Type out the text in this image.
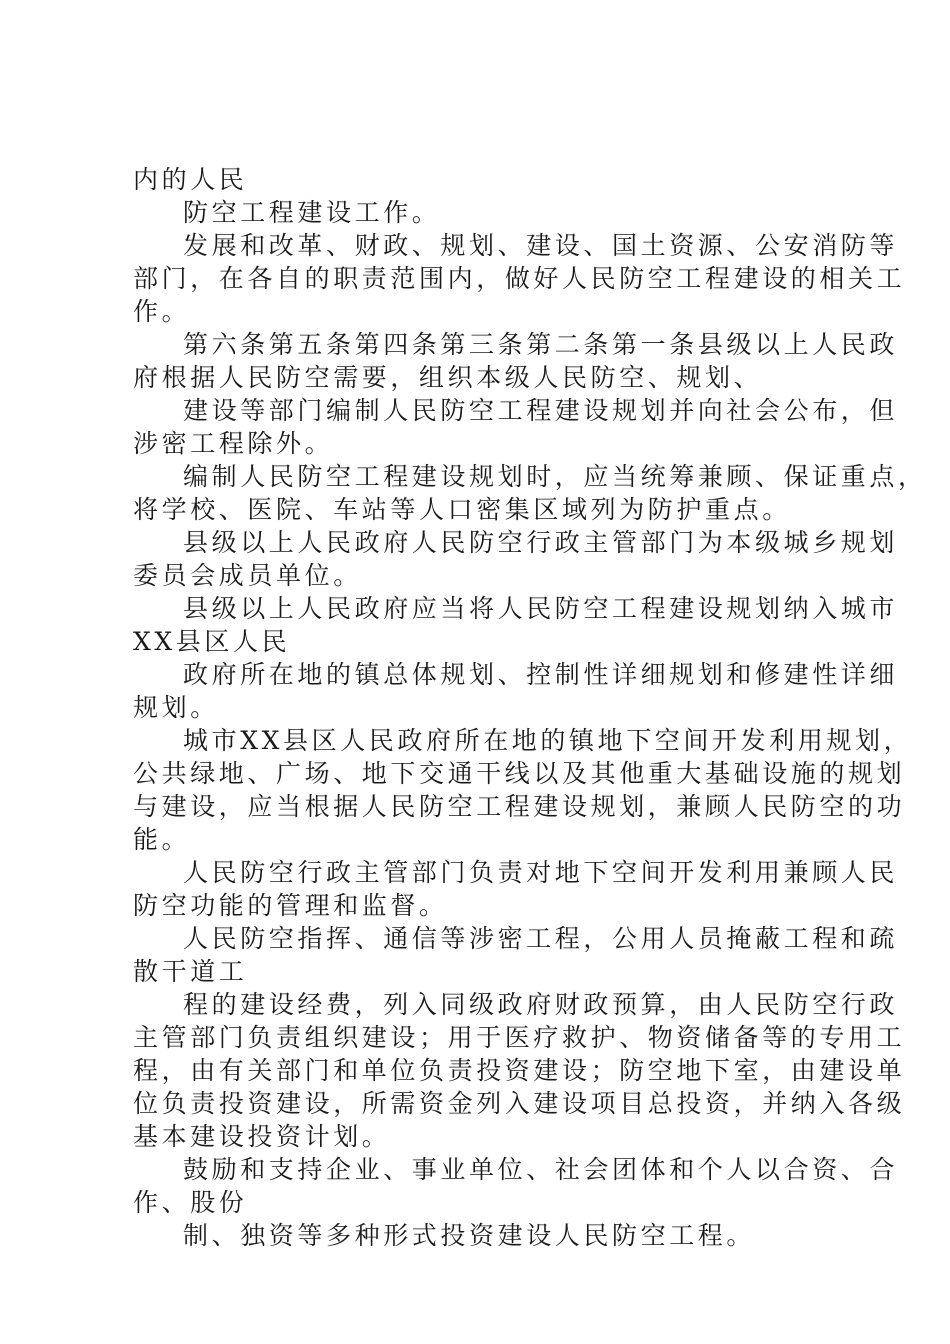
内的人民
防空工程建设工作。
发展和改革、财政、规划、建设、国土资源、公安消防等
部门，在各自的职责范围内，做好人民防空工程建设的相关工
作。
第六条第五条第四条第三条第二条第一条县级以上人民政
府根据人民防空需要，组织本级人民防空、规划、
建设等部门编制人民防空工程建设规划并向社会公布，但
涉密工程除外。
编制人民防空工程建设规划时，应当统筹兼顾、保证重点，
将学校、医院、车站等人口密集区域列为防护重点。
县级以上人民政府人民防空行政主管部门为本级城乡规划
委员会成员单位。
县级以上人民政府应当将人民防空工程建设规划纳入城市
XX县区人民
政府所在地的镇总体规划、控制性详细规划和修建性详细
规划。
城市XX县区人民政府所在地的镇地下空间开发利用规划，
公共绿地、广场、地下交通干线以及其他重大基础设施的规划
与建设，应当根据人民防空工程建设规划，兼顾人民防空的功
能。
人民防空行政主管部门负责对地下空间开发利用兼顾人民
防空功能的管理和监督。
人民防空指挥、通信等涉密工程，公用人员掩蔽工程和疏
散干道工
程的建设经费，列入同级政府财政预算，由人民防空行政
主管部门负责组织建设；用于医疗救护、物资储备等的专用工
程，由有关部门和单位负责投资建设；防空地下室，由建设单
位负责投资建设，所需资金列入建设项目总投资，并纳入各级
基本建设投资计划。
鼓励和支持企业、事业单位、社会团体和个人以合资、合
作、股份
制、独资等多种形式投资建设人民防空工程。
